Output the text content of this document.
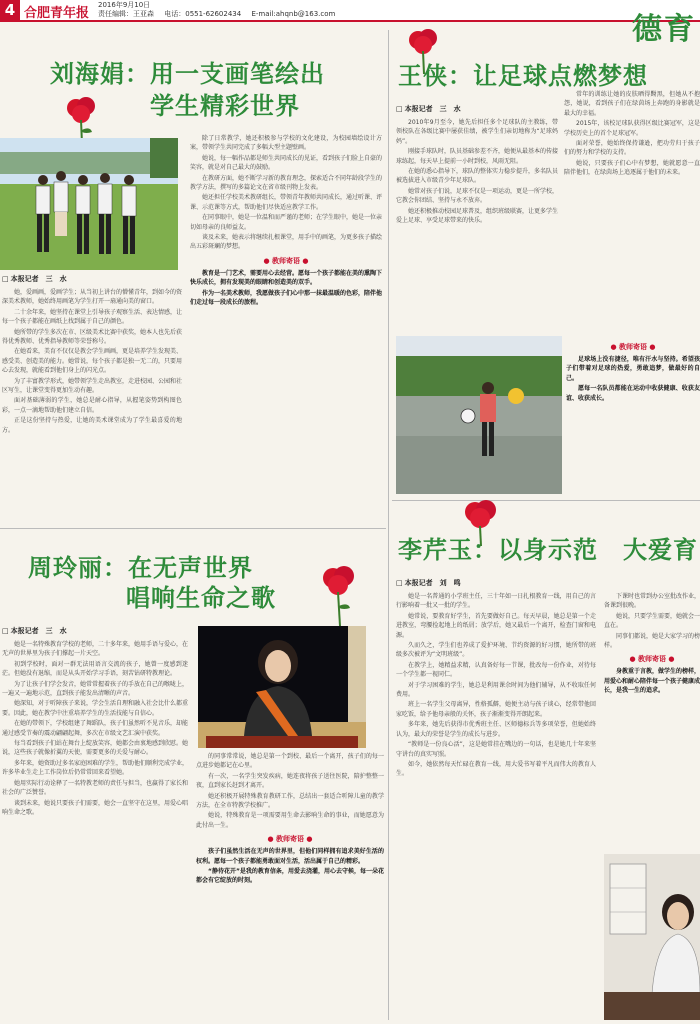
4 合肥青年报
2016年9月10日
责任编辑：王亚森 电话：0551-62602434 E-mail:ahqnb@163.com	德育
刘海娟：用一支画笔绘出
学生精彩世界
□ 本报记者　三　水

她，爱画画，爱画学生；从当初上讲台的懵懂青年，到如今的资深美术教师，她始终用画笔为学生打开一扇通向美的窗口。

二十余年来，她坚持在课堂上引导孩子观察生活、表达情感，让每一个孩子都能在画纸上找到属于自己的颜色。

她所带的学生多次在市、区级美术比赛中获奖，她本人也先后获得优秀教师、优秀指导教师等荣誉称号。

在她看来，美育不仅仅是教会学生画画，更是培养学生发现美、感受美、创造美的能力。她常说，每个孩子都是独一无二的，只要用心去发现，就能看到他们身上的闪光点。

为了丰富教学形式，她带领学生走出教室，走进校园、公园和社区写生，让课堂变得更加生动有趣。

面对基础薄弱的学生，她总是耐心指导，从握笔姿势到构图色彩，一点一滴地帮助他们建立自信。

正是这份坚持与热爱，让她的美术课堂成为了学生最喜爱的地方。

除了日常教学，她还积极参与学校的文化建设，为校园墙绘设计方案，带领学生共同完成了多幅大型主题壁画。

她说，每一幅作品都是师生共同成长的见证，看到孩子们脸上自豪的笑容，就是对自己最大的鼓励。

在教研方面，她不断学习新的教育理念，探索适合不同年龄段学生的教学方法，撰写的多篇论文在省市级刊物上发表。

她还担任学校美术教研组长，带领青年教师共同成长，通过听课、评课、示范课等方式，帮助他们尽快适应教学工作。

在同事眼中，她是一位温和而严谨的老师；在学生眼中，她是一位亲切如母亲的良师益友。

谈及未来，她表示将继续扎根课堂，用手中的画笔，为更多孩子描绘出五彩斑斓的梦想。

● 教师寄语 ●

教育是一门艺术，需要用心去经营。愿每一个孩子都能在美的熏陶下快乐成长，拥有发现美的眼睛和创造美的双手。

作为一名美术教师，我愿做孩子们心中那一抹最温暖的色彩，陪伴他们走过每一段成长的旅程。

王侠：让足球点燃梦想
□ 本报记者　三　水

2010年9月至今，她先后担任多个足球队的主教练，带领校队在各级比赛中屡获佳绩，被学生们亲切地称为“足球妈妈”。

刚接手球队时，队员基础参差不齐，她便从最基本的传接球练起，每天早上提前一小时到校，风雨无阻。

在她的悉心指导下，球队的整体实力稳步提升，多名队员被选拔进入市级青少年足球队。

她常对孩子们说，足球不仅是一项运动，更是一所学校，它教会你团结、坚持与永不放弃。

她还积极推动校园足球普及，组织班级联赛，让更多学生爱上足球、享受足球带来的快乐。

常年的训练让她的皮肤晒得黝黑，但她从不抱怨，她说，看到孩子们在绿茵场上奔跑的身影就是最大的幸福。

2015年，该校足球队获得区级比赛冠军，这是学校历史上的首个足球冠军。

面对荣誉，她始终保持谦逊，把功劳归于孩子们的努力和学校的支持。

她说，只要孩子们心中有梦想，她就愿意一直陪伴他们，在绿茵场上追逐属于他们的未来。

● 教师寄语 ●

足球场上没有捷径，唯有汗水与坚持。希望孩子们带着对足球的热爱，勇敢追梦，做最好的自己。

愿每一名队员都能在运动中收获健康、收获友谊、收获成长。

周玲丽：在无声世界
唱响生命之歌
□ 本报记者　三　水

她是一名特殊教育学校的老师，二十多年来，她用手语与爱心，在无声的世界里为孩子们撑起一片天空。

初到学校时，面对一群无法用语言交流的孩子，她曾一度感到迷茫。但她没有退缩，而是从头开始学习手语，刻苦钻研特教理论。

为了让孩子们学会发音，她常常握着孩子的手放在自己的喉咙上，一遍又一遍地示范，直到孩子能发出清晰的声音。

她深知，对于听障孩子来说，学会生活自理和融入社会比什么都重要。因此，她在教学中注重培养学生的生活技能与自信心。

在她的带领下，学校组建了舞蹈队，孩子们虽然听不见音乐，却能通过感受节奏的震动翩翩起舞，多次在市级文艺汇演中获奖。

每当看到孩子们站在舞台上绽放笑容，她都会由衷地感到欣慰。她说，这些孩子就像折翼的天使，需要更多的关爱与耐心。

多年来，她资助过多名家庭困难的学生，帮助他们顺利完成学业，许多毕业生走上工作岗位后仍常常回来看望她。

她用实际行动诠释了一名特教老师的责任与担当，也赢得了家长和社会的广泛赞誉。

谈到未来，她说只要孩子们需要，她会一直坚守在这里，用爱心唱响生命之歌。

的同事常常说，她总是第一个到校、最后一个离开，孩子们的每一点进步她都记在心里。

有一次，一名学生突发疾病，她连夜将孩子送往医院，陪护整整一夜，直到家长赶到才离开。

她还积极开展特殊教育教研工作，总结出一套适合听障儿童的教学方法，在全市特教学校推广。

她说，特殊教育是一项需要用生命去影响生命的事业，而她愿意为此付出一生。

● 教师寄语 ●

孩子们虽然生活在无声的世界里，但他们同样拥有追求美好生活的权利。愿每一个孩子都能勇敢面对生活，活出属于自己的精彩。

“静待花开”是我的教育信条，用爱去浇灌，用心去守候，每一朵花都会有它绽放的时刻。

李芹玉：以身示范　大爱育
□ 本报记者　刘　鸣

她是一名普通的小学班主任，三十年如一日扎根教育一线，用自己的言行影响着一批又一批的学生。

她常说，要教育好学生，首先要做好自己。每天早晨，她总是第一个走进教室，弯腰捡起地上的纸屑；放学后，她又最后一个离开，检查门窗和电源。

久而久之，学生们也养成了爱护环境、节约资源的好习惯，她所带的班级多次被评为“文明班级”。

在教学上，她精益求精，认真备好每一节课，批改每一份作业，对待每一个学生都一视同仁。

对于学习困难的学生，她总是利用课余时间为他们辅导，从不收取任何费用。

班上一名学生父母离异，性格孤僻，她便主动与孩子谈心，经常带他回家吃饭，给予他母亲般的关怀，孩子渐渐变得开朗起来。

多年来，她先后获得市优秀班主任、区师德标兵等多项荣誉，但她始终认为，最大的荣誉是学生的成长与进步。

“教师是一份良心活”，这是她常挂在嘴边的一句话，也是她几十年来坚守讲台的真实写照。

如今，她依然每天忙碌在教育一线，用大爱书写着平凡而伟大的教育人生。

下课时也常到办公室批改作业，备课到很晚。

她说，只要学生需要，她就会一直在。

同事们都说，她是大家学习的榜样。

● 教师寄语 ●

身教重于言教，做学生的榜样，用爱心和耐心陪伴每一个孩子健康成长，是我一生的追求。
